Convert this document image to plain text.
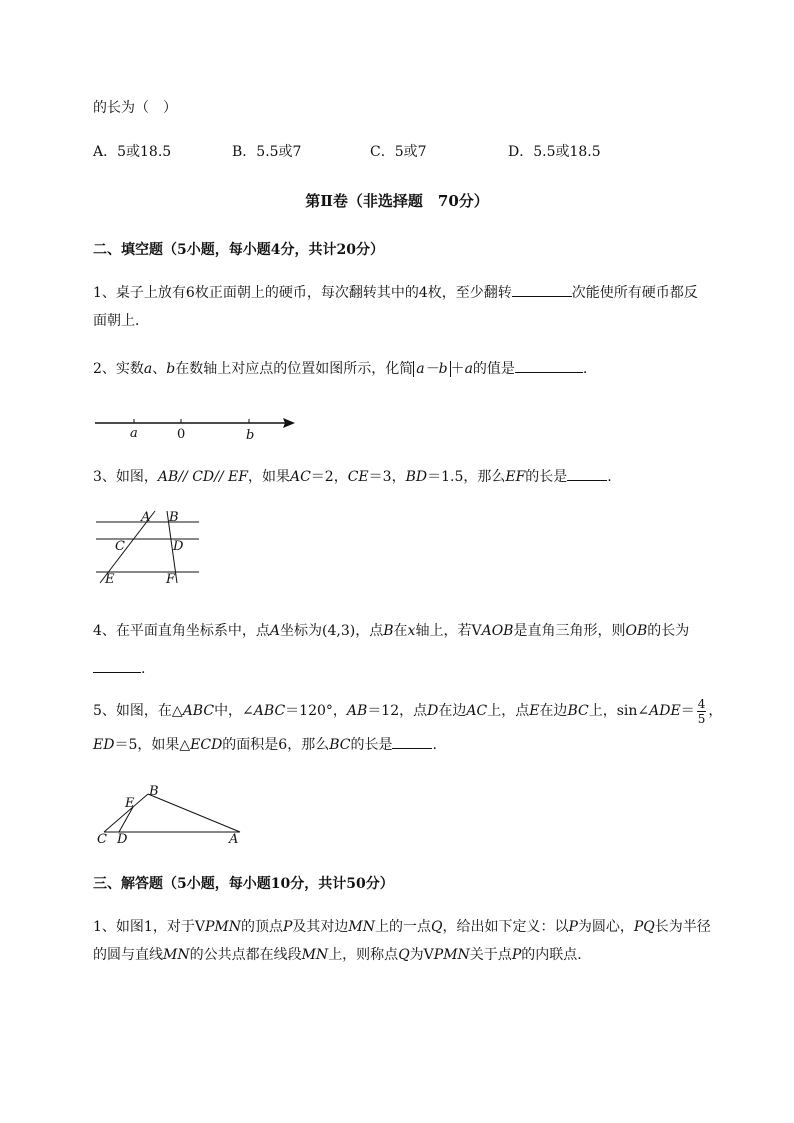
的长为（　）
A．5或18.5	B．5.5或7	C．5或7	D．5.5或18.5
第Ⅱ卷（非选择题　70分）
二、填空题（5小题，每小题4分，共计20分）
1、桌子上放有6枚正面朝上的硬币，每次翻转其中的4枚，至少翻转	次能使所有硬币都反
面朝上．
2、实数a、b在数轴上对应点的位置如图所示，化简 a－b ＋a的值是	.
a	0	b
3、如图，AB// CD// EF，如果AC＝2，CE＝3，BD＝1.5，那么EF的长是	.
A B
C	D
E	F
4、在平面直角坐标系中，点A坐标为(4,3)，点B在x轴上，若VAOB是直角三角形，则OB的长为
.
5、如图，在△ABC中，∠ABC＝120°，AB＝12，点D在边AC上，点E在边BC上，sin∠ADE＝ $\frac{4}{5}$ ，
ED＝5，如果△ECD的面积是6，那么BC的长是	.
B
E
C D	A
三、解答题（5小题，每小题10分，共计50分）
1、如图1，对于VPMN的顶点P及其对边MN上的一点Q，给出如下定义：以P为圆心，PQ长为半径
的圆与直线MN的公共点都在线段MN上，则称点Q为VPMN关于点P的内联点.
